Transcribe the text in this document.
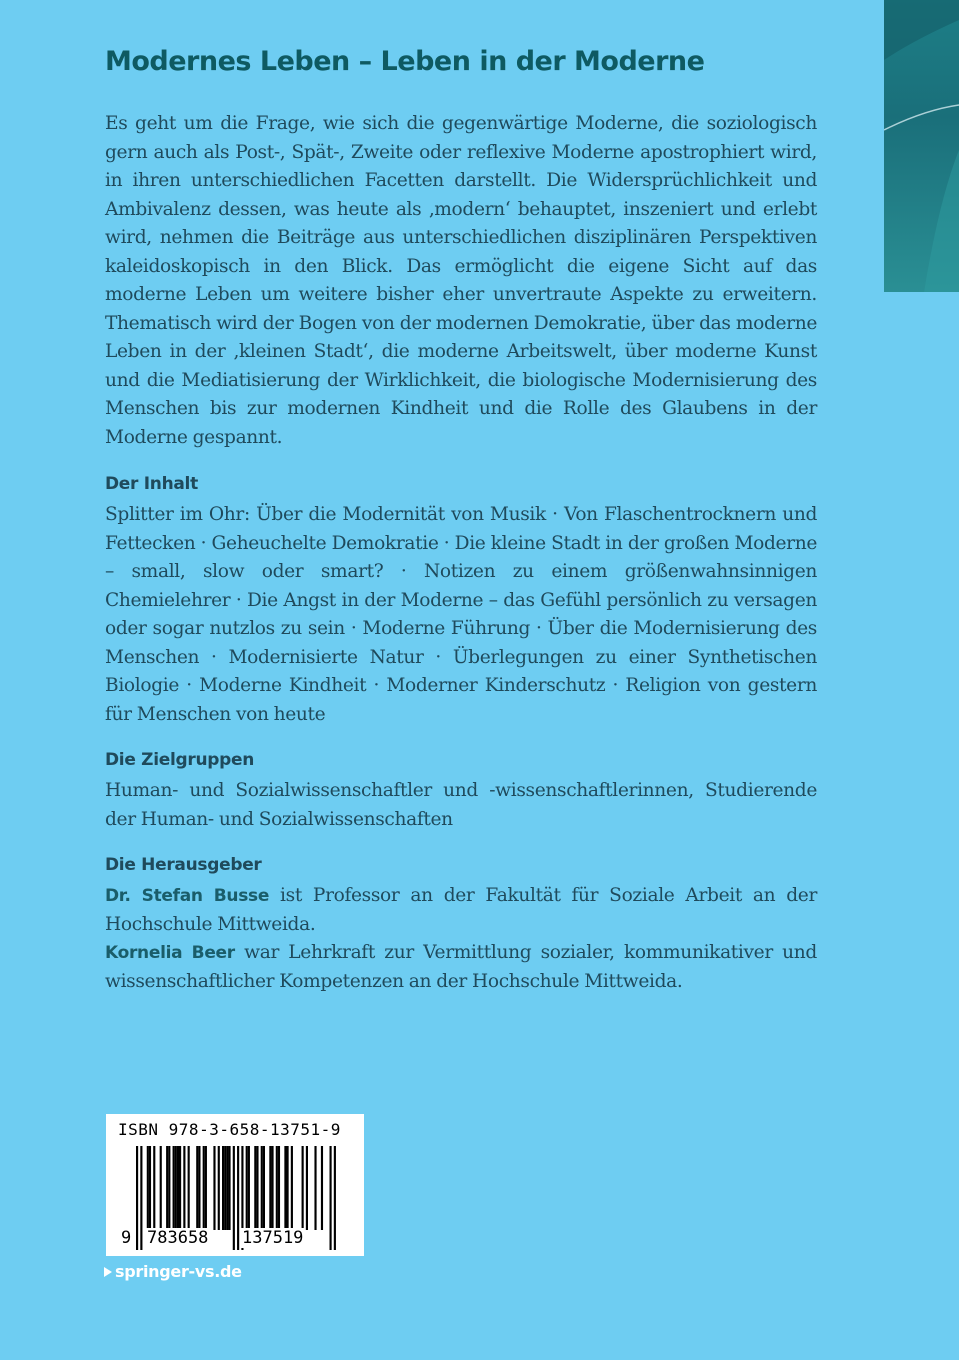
Modernes Leben – Leben in der Moderne

Es geht um die Frage, wie sich die gegenwärtige Moderne, die soziologisch gern auch als Post-, Spät-, Zweite oder reflexive Moderne apostrophiert wird, in ihren unterschiedlichen Facetten darstellt. Die Widersprüchlichkeit und Ambivalenz dessen, was heute als ‚modern‘ behauptet, inszeniert und erlebt wird, nehmen die Beiträge aus unterschiedlichen disziplinären Perspektiven kaleidoskopisch in den Blick. Das ermöglicht die eigene Sicht auf das moderne Leben um weitere bisher eher unvertraute Aspekte zu erweitern. Thematisch wird der Bogen von der modernen Demokratie, über das moderne Leben in der ‚kleinen Stadt‘, die moderne Arbeitswelt, über moderne Kunst und die Mediatisierung der Wirklichkeit, die biologische Modernisierung des Menschen bis zur modernen Kindheit und die Rolle des Glaubens in der Moderne gespannt.

Der Inhalt

Splitter im Ohr: Über die Modernität von Musik · Von Flaschentrocknern und Fettecken · Geheuchelte Demokratie · Die kleine Stadt in der großen Moderne – small, slow oder smart? · Notizen zu einem größenwahnsinnigen Chemielehrer · Die Angst in der Moderne – das Gefühl persönlich zu versagen oder sogar nutzlos zu sein · Moderne Führung · Über die Modernisierung des Menschen · Modernisierte Natur · Überlegungen zu einer Synthetischen Biologie · Moderne Kindheit · Moderner Kinderschutz · Religion von gestern für Menschen von heute

Die Zielgruppen

Human- und Sozialwissenschaftler und -wissenschaftlerinnen, Studierende der Human- und Sozialwissenschaften

Die Herausgeber

Dr. Stefan Busse ist Professor an der Fakultät für Soziale Arbeit an der Hochschule Mittweida.

Kornelia Beer war Lehrkraft zur Vermittlung sozialer, kommunikativer und wissenschaftlicher Kompetenzen an der Hochschule Mittweida.

ISBN 978-3-658-13751-9
9 783658 137519
springer-vs.de
